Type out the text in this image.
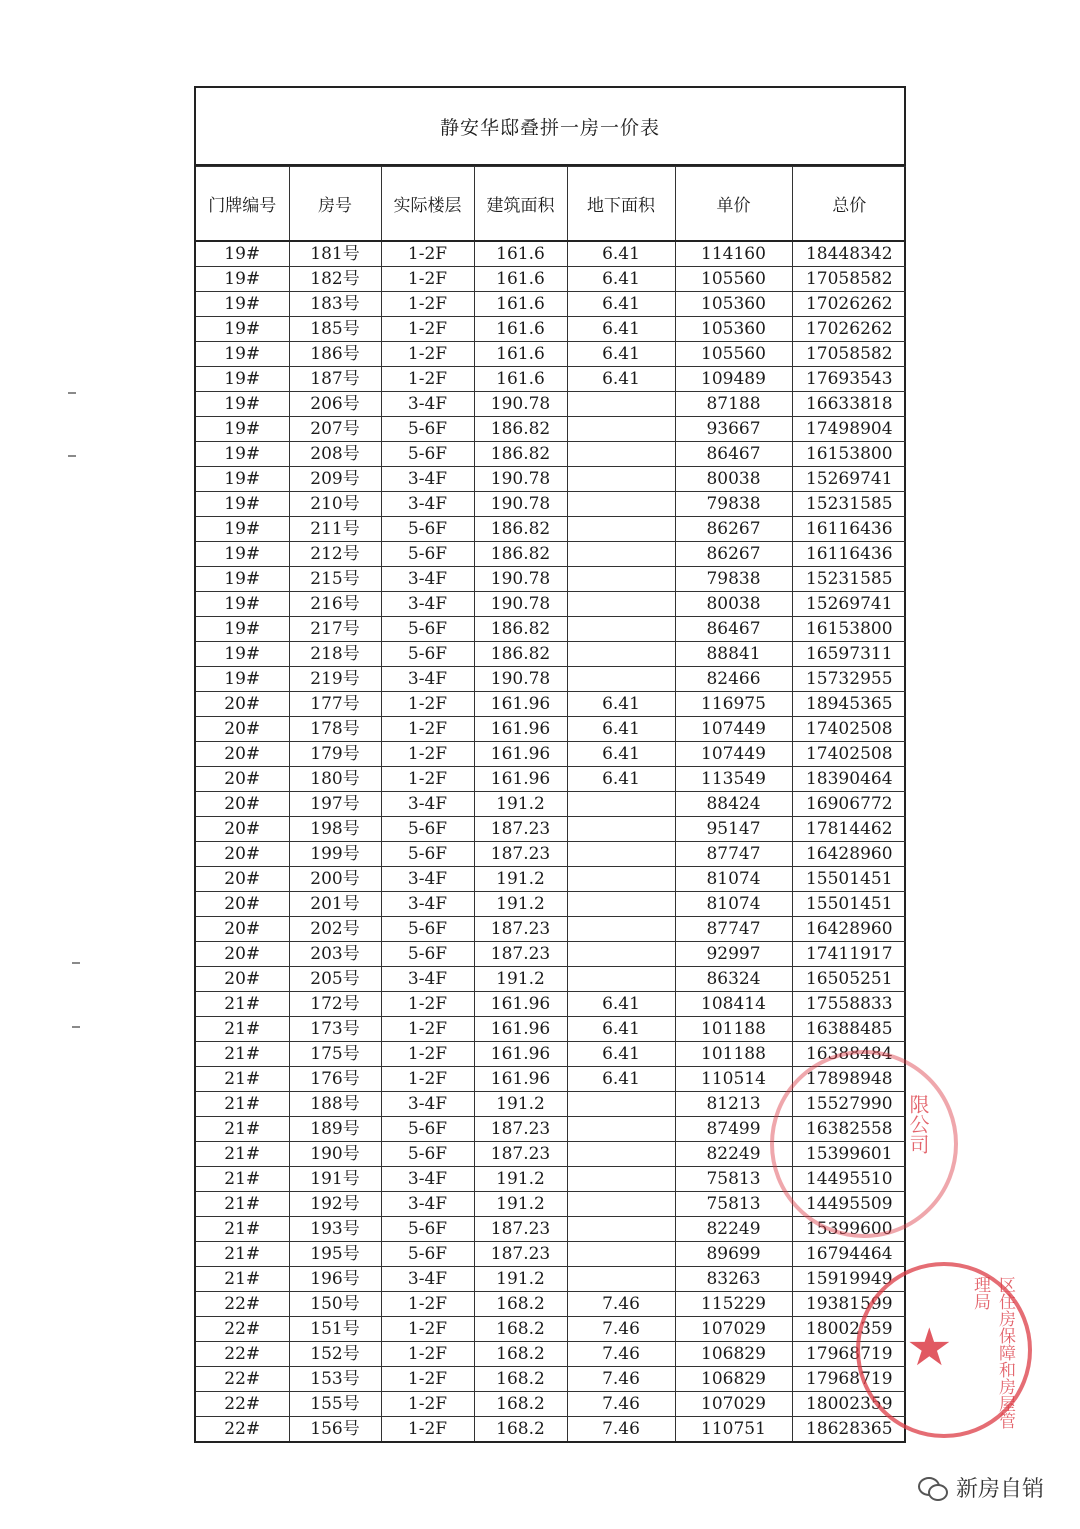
静安华邸叠拼一房一价表
门牌编号	房号	实际楼层	建筑面积	地下面积	单价	总价
19#	181号	1-2F	161.6	6.41	114160	18448342
19#	182号	1-2F	161.6	6.41	105560	17058582
19#	183号	1-2F	161.6	6.41	105360	17026262
19#	185号	1-2F	161.6	6.41	105360	17026262
19#	186号	1-2F	161.6	6.41	105560	17058582
19#	187号	1-2F	161.6	6.41	109489	17693543
19#	206号	3-4F	190.78		87188	16633818
19#	207号	5-6F	186.82		93667	17498904
19#	208号	5-6F	186.82		86467	16153800
19#	209号	3-4F	190.78		80038	15269741
19#	210号	3-4F	190.78		79838	15231585
19#	211号	5-6F	186.82		86267	16116436
19#	212号	5-6F	186.82		86267	16116436
19#	215号	3-4F	190.78		79838	15231585
19#	216号	3-4F	190.78		80038	15269741
19#	217号	5-6F	186.82		86467	16153800
19#	218号	5-6F	186.82		88841	16597311
19#	219号	3-4F	190.78		82466	15732955
20#	177号	1-2F	161.96	6.41	116975	18945365
20#	178号	1-2F	161.96	6.41	107449	17402508
20#	179号	1-2F	161.96	6.41	107449	17402508
20#	180号	1-2F	161.96	6.41	113549	18390464
20#	197号	3-4F	191.2		88424	16906772
20#	198号	5-6F	187.23		95147	17814462
20#	199号	5-6F	187.23		87747	16428960
20#	200号	3-4F	191.2		81074	15501451
20#	201号	3-4F	191.2		81074	15501451
20#	202号	5-6F	187.23		87747	16428960
20#	203号	5-6F	187.23		92997	17411917
20#	205号	3-4F	191.2		86324	16505251
21#	172号	1-2F	161.96	6.41	108414	17558833
21#	173号	1-2F	161.96	6.41	101188	16388485
21#	175号	1-2F	161.96	6.41	101188	16388484
21#	176号	1-2F	161.96	6.41	110514	17898948
21#	188号	3-4F	191.2		81213	15527990
21#	189号	5-6F	187.23		87499	16382558
21#	190号	5-6F	187.23		82249	15399601
21#	191号	3-4F	191.2		75813	14495510
21#	192号	3-4F	191.2		75813	14495509
21#	193号	5-6F	187.23		82249	15399600
21#	195号	5-6F	187.23		89699	16794464
21#	196号	3-4F	191.2		83263	15919949
22#	150号	1-2F	168.2	7.46	115229	19381599
22#	151号	1-2F	168.2	7.46	107029	18002359
22#	152号	1-2F	168.2	7.46	106829	17968719
22#	153号	1-2F	168.2	7.46	106829	17968719
22#	155号	1-2F	168.2	7.46	107029	18002359
22#	156号	1-2F	168.2	7.46	110751	18628365
限公司
区住房保障和房屋管理局
★
新房自销
